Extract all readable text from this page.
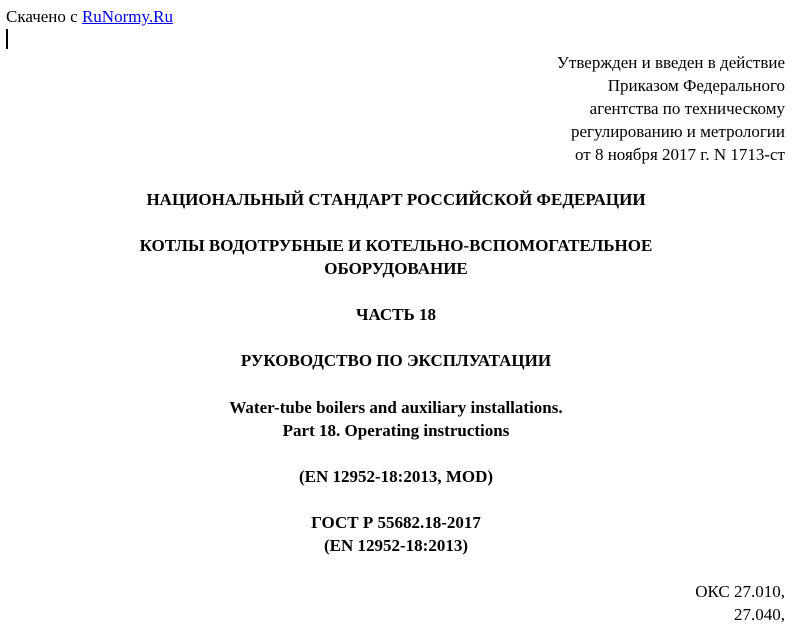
Скачено с RuNormy.Ru
Утвержден и введен в действие
Приказом Федерального
агентства по техническому
регулированию и метрологии
от 8 ноября 2017 г. N 1713-ст
НАЦИОНАЛЬНЫЙ СТАНДАРТ РОССИЙСКОЙ ФЕДЕРАЦИИ
КОТЛЫ ВОДОТРУБНЫЕ И КОТЕЛЬНО-ВСПОМОГАТЕЛЬНОЕ
ОБОРУДОВАНИЕ
ЧАСТЬ 18
РУКОВОДСТВО ПО ЭКСПЛУАТАЦИИ
Water-tube boilers and auxiliary installations.
Part 18. Operating instructions
(EN 12952-18:2013, MOD)
ГОСТ Р 55682.18-2017
(EN 12952-18:2013)
ОКС 27.010,
27.040,
